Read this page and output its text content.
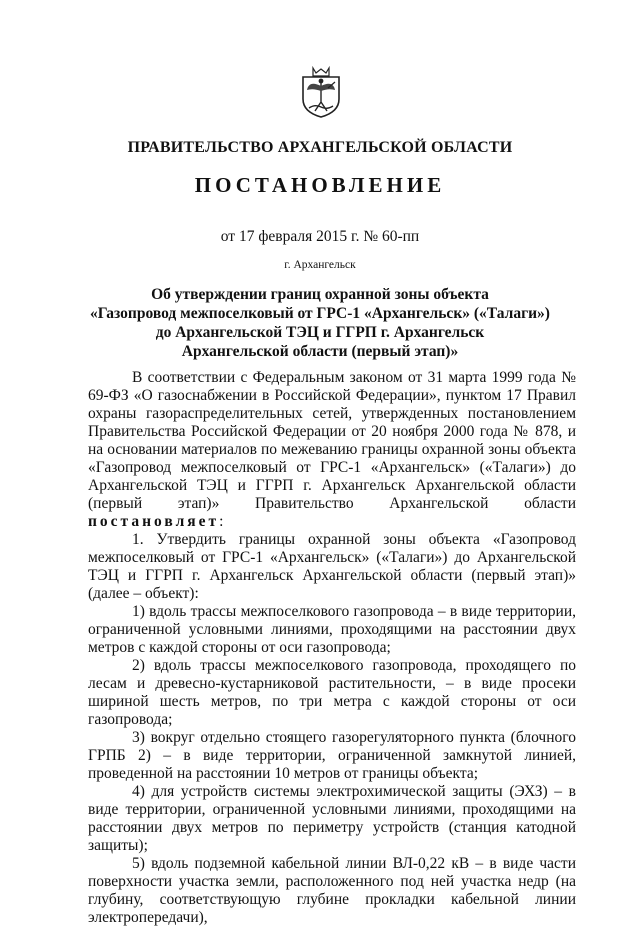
ПРАВИТЕЛЬСТВО АРХАНГЕЛЬСКОЙ ОБЛАСТИ
ПОСТАНОВЛЕНИЕ
от 17 февраля 2015 г. № 60-пп
г. Архангельск
Об утверждении границ охранной зоны объекта
«Газопровод межпоселковый от ГРС-1 «Архангельск» («Талаги»)
до Архангельской ТЭЦ и ГГРП г. Архангельск
Архангельской области (первый этап)»

В соответствии с Федеральным законом от 31 марта 1999 года № 69-ФЗ «О газоснабжении в Российской Федерации», пунктом 17 Правил охраны газораспределительных сетей, утвержденных постановлением Правительства Российской Федерации от 20 ноября 2000 года № 878, и на основании материалов по межеванию границы охранной зоны объекта «Газопровод межпоселковый от ГРС-1 «Архангельск» («Талаги») до Архангельской ТЭЦ и ГГРП г. Архангельск Архангельской области (первый этап)» Правительство Архангельской области постановляет:

1. Утвердить границы охранной зоны объекта «Газопровод межпоселковый от ГРС-1 «Архангельск» («Талаги») до Архангельской ТЭЦ и ГГРП г. Архангельск Архангельской области (первый этап)» (далее – объект):

1) вдоль трассы межпоселкового газопровода – в виде территории, ограниченной условными линиями, проходящими на расстоянии двух метров с каждой стороны от оси газопровода;

2) вдоль трассы межпоселкового газопровода, проходящего по лесам и древесно-кустарниковой растительности, – в виде просеки шириной шесть метров, по три метра с каждой стороны от оси газопровода;

3) вокруг отдельно стоящего газорегуляторного пункта (блочного ГРПБ 2) – в виде территории, ограниченной замкнутой линией, проведенной на расстоянии 10 метров от границы объекта;

4) для устройств системы электрохимической защиты (ЭХЗ) – в виде территории, ограниченной условными линиями, проходящими на расстоянии двух метров по периметру устройств (станция катодной защиты);

5) вдоль подземной кабельной линии ВЛ-0,22 кВ – в виде части поверхности участка земли, расположенного под ней участка недр (на глубину, соответствующую глубине прокладки кабельной линии электропередачи),
